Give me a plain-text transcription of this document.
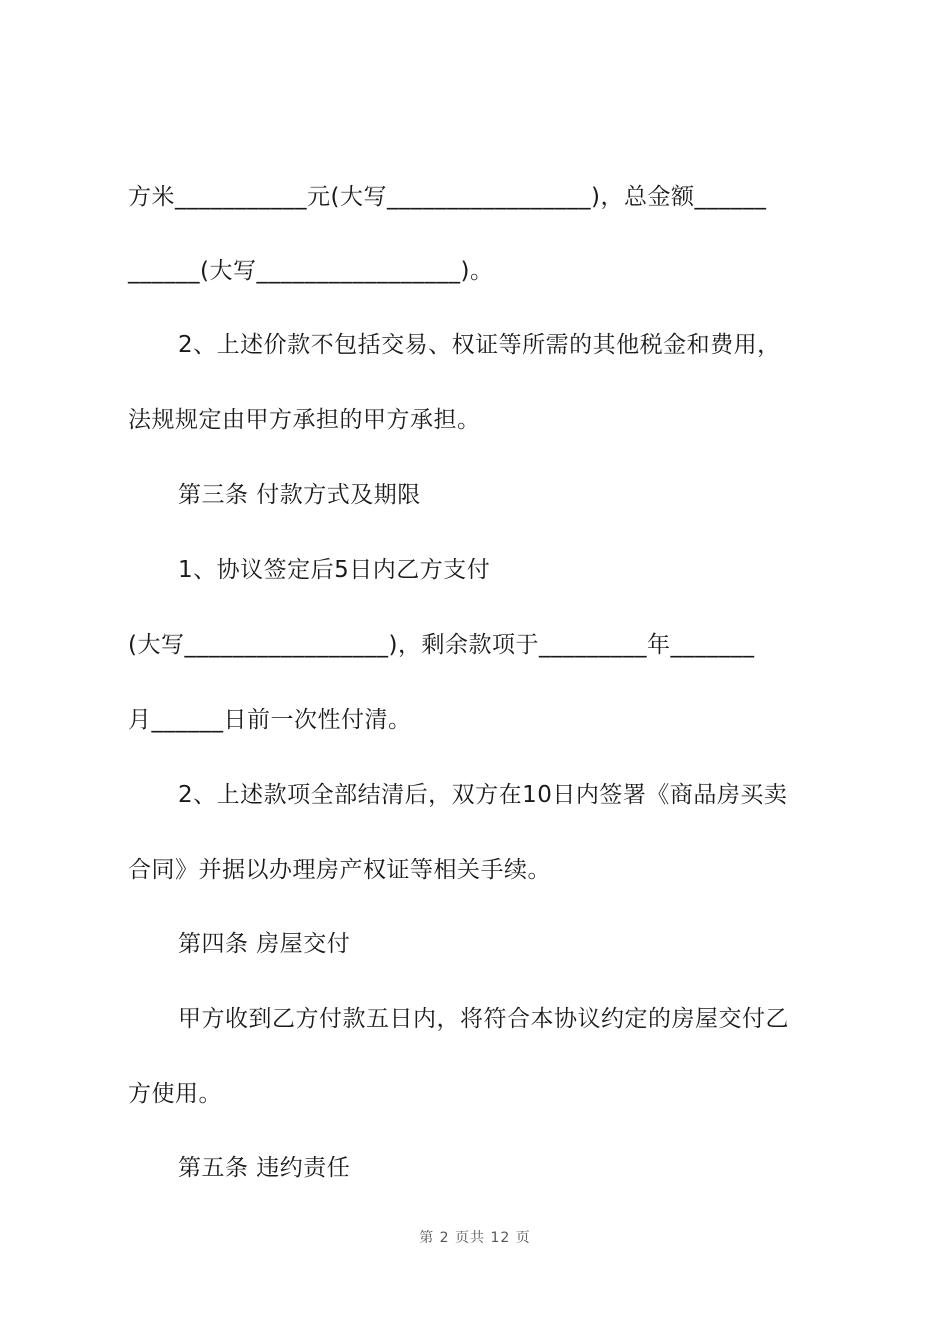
方米___________元(大写_________________)，总金额______
______(大写_________________)。
2、上述价款不包括交易、权证等所需的其他税金和费用，
法规规定由甲方承担的甲方承担。
第三条 付款方式及期限
1、协议签定后5日内乙方支付
(大写_________________)，剩余款项于_________年_______
月______日前一次性付清。
2、上述款项全部结清后，双方在10日内签署《商品房买卖
合同》并据以办理房产权证等相关手续。
第四条 房屋交付
甲方收到乙方付款五日内，将符合本协议约定的房屋交付乙
方使用。
第五条 违约责任
第 2 页共 12 页
